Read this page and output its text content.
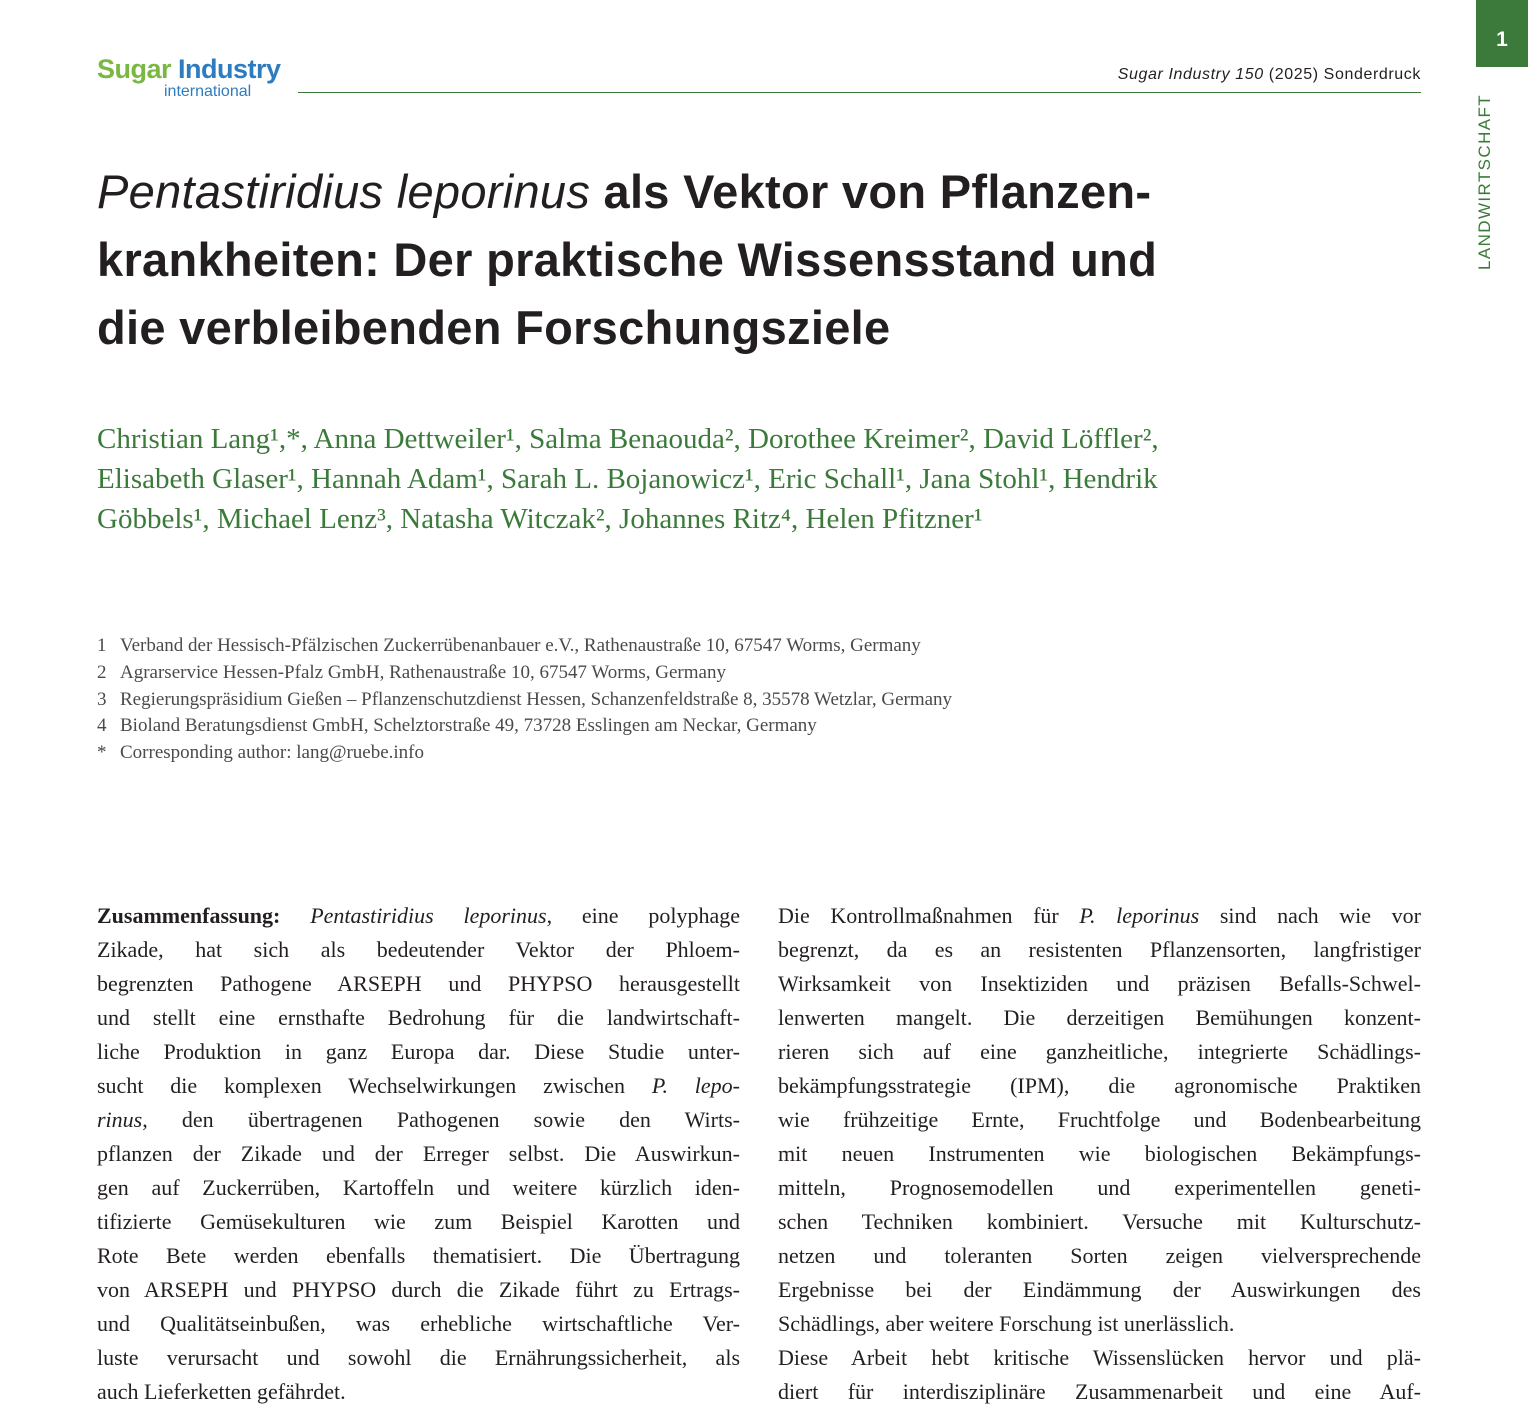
Sugar Industry
international
Sugar Industry 150 (2025) Sonderdruck
1
LANDWIRTSCHAFT
Pentastiridius leporinus als Vektor von Pflanzen-
krankheiten: Der praktische Wissensstand und
die verbleibenden Forschungsziele
Christian Lang¹,*, Anna Dettweiler¹, Salma Benaouda², Dorothee Kreimer², David Löffler²,
Elisabeth Glaser¹, Hannah Adam¹, Sarah L. Bojanowicz¹, Eric Schall¹, Jana Stohl¹, Hendrik
Göbbels¹, Michael Lenz³, Natasha Witczak², Johannes Ritz⁴, Helen Pfitzner¹
1 Verband der Hessisch-Pfälzischen Zuckerrübenanbauer e.V., Rathenaustraße 10, 67547 Worms, Germany
2 Agrarservice Hessen-Pfalz GmbH, Rathenaustraße 10, 67547 Worms, Germany
3 Regierungspräsidium Gießen – Pflanzenschutzdienst Hessen, Schanzenfeldstraße 8, 35578 Wetzlar, Germany
4 Bioland Beratungsdienst GmbH, Schelztorstraße 49, 73728 Esslingen am Neckar, Germany
* Corresponding author: lang@ruebe.info
Zusammenfassung: Pentastiridius leporinus, eine polyphage
Zikade, hat sich als bedeutender Vektor der Phloem-
begrenzten Pathogene ARSEPH und PHYPSO herausgestellt
und stellt eine ernsthafte Bedrohung für die landwirtschaft-
liche Produktion in ganz Europa dar. Diese Studie unter-
sucht die komplexen Wechselwirkungen zwischen P. lepo-
rinus, den übertragenen Pathogenen sowie den Wirts-
pflanzen der Zikade und der Erreger selbst. Die Auswirkun-
gen auf Zuckerrüben, Kartoffeln und weitere kürzlich iden-
tifizierte Gemüsekulturen wie zum Beispiel Karotten und
Rote Bete werden ebenfalls thematisiert. Die Übertragung
von ARSEPH und PHYPSO durch die Zikade führt zu Ertrags-
und Qualitätseinbußen, was erhebliche wirtschaftliche Ver-
luste verursacht und sowohl die Ernährungssicherheit, als
auch Lieferketten gefährdet.
Die Kontrollmaßnahmen für P. leporinus sind nach wie vor
begrenzt, da es an resistenten Pflanzensorten, langfristiger
Wirksamkeit von Insektiziden und präzisen Befalls-Schwel-
lenwerten mangelt. Die derzeitigen Bemühungen konzent-
rieren sich auf eine ganzheitliche, integrierte Schädlings-
bekämpfungsstrategie (IPM), die agronomische Praktiken
wie frühzeitige Ernte, Fruchtfolge und Bodenbearbeitung
mit neuen Instrumenten wie biologischen Bekämpfungs-
mitteln, Prognosemodellen und experimentellen geneti-
schen Techniken kombiniert. Versuche mit Kulturschutz-
netzen und toleranten Sorten zeigen vielversprechende
Ergebnisse bei der Eindämmung der Auswirkungen des
Schädlings, aber weitere Forschung ist unerlässlich.
Diese Arbeit hebt kritische Wissenslücken hervor und plä-
diert für interdisziplinäre Zusammenarbeit und eine Auf-
